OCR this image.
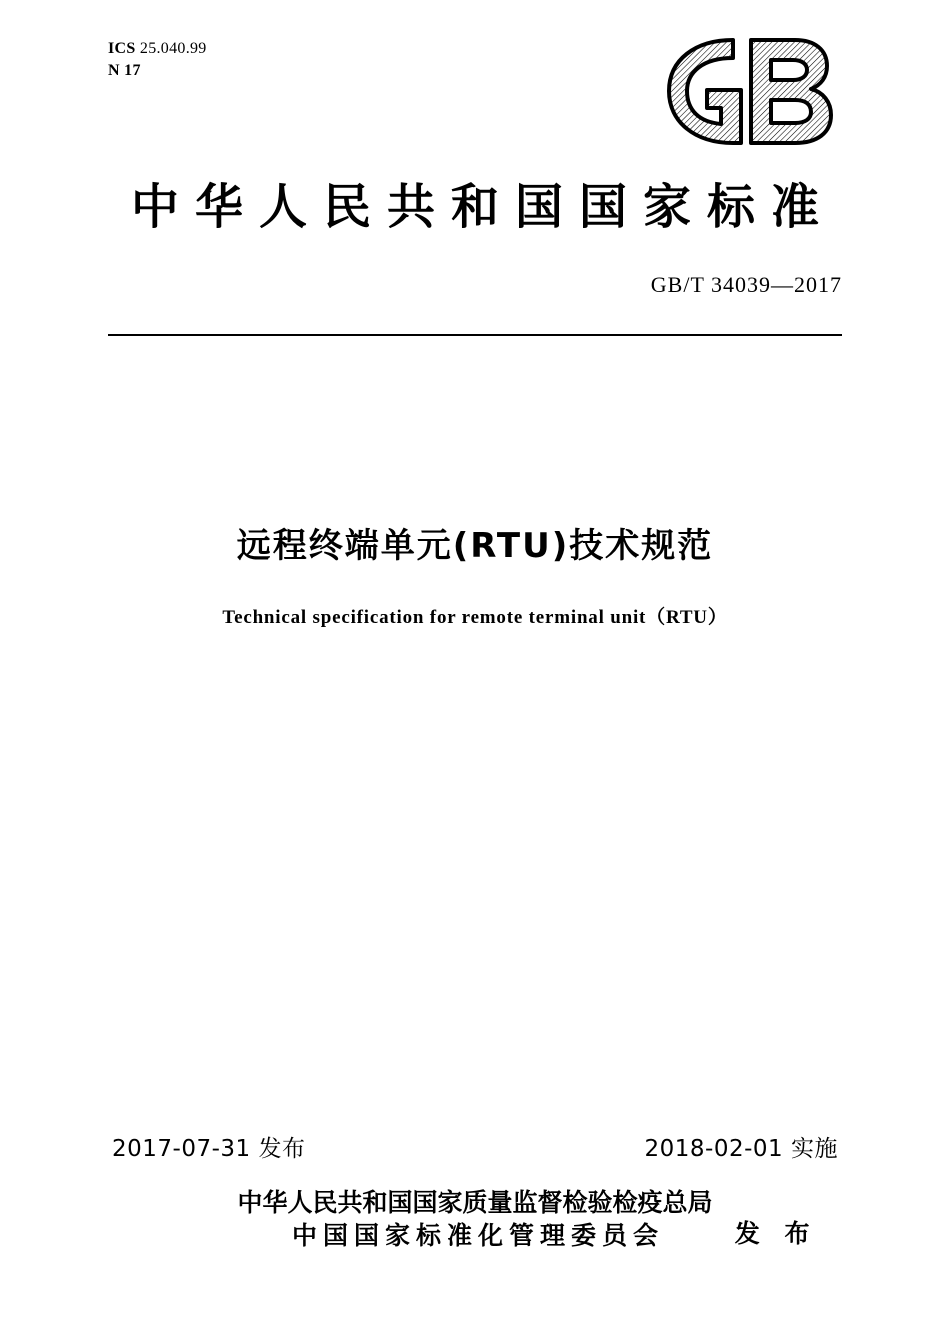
ICS 25.040.99
N 17
中华人民共和国国家标准
GB/T 34039—2017
远程终端单元(RTU)技术规范
Technical specification for remote terminal unit（RTU）
2017-07-31 发布	2018-02-01 实施
中华人民共和国国家质量监督检验检疫总局
中国国家标准化管理委员会	发 布
